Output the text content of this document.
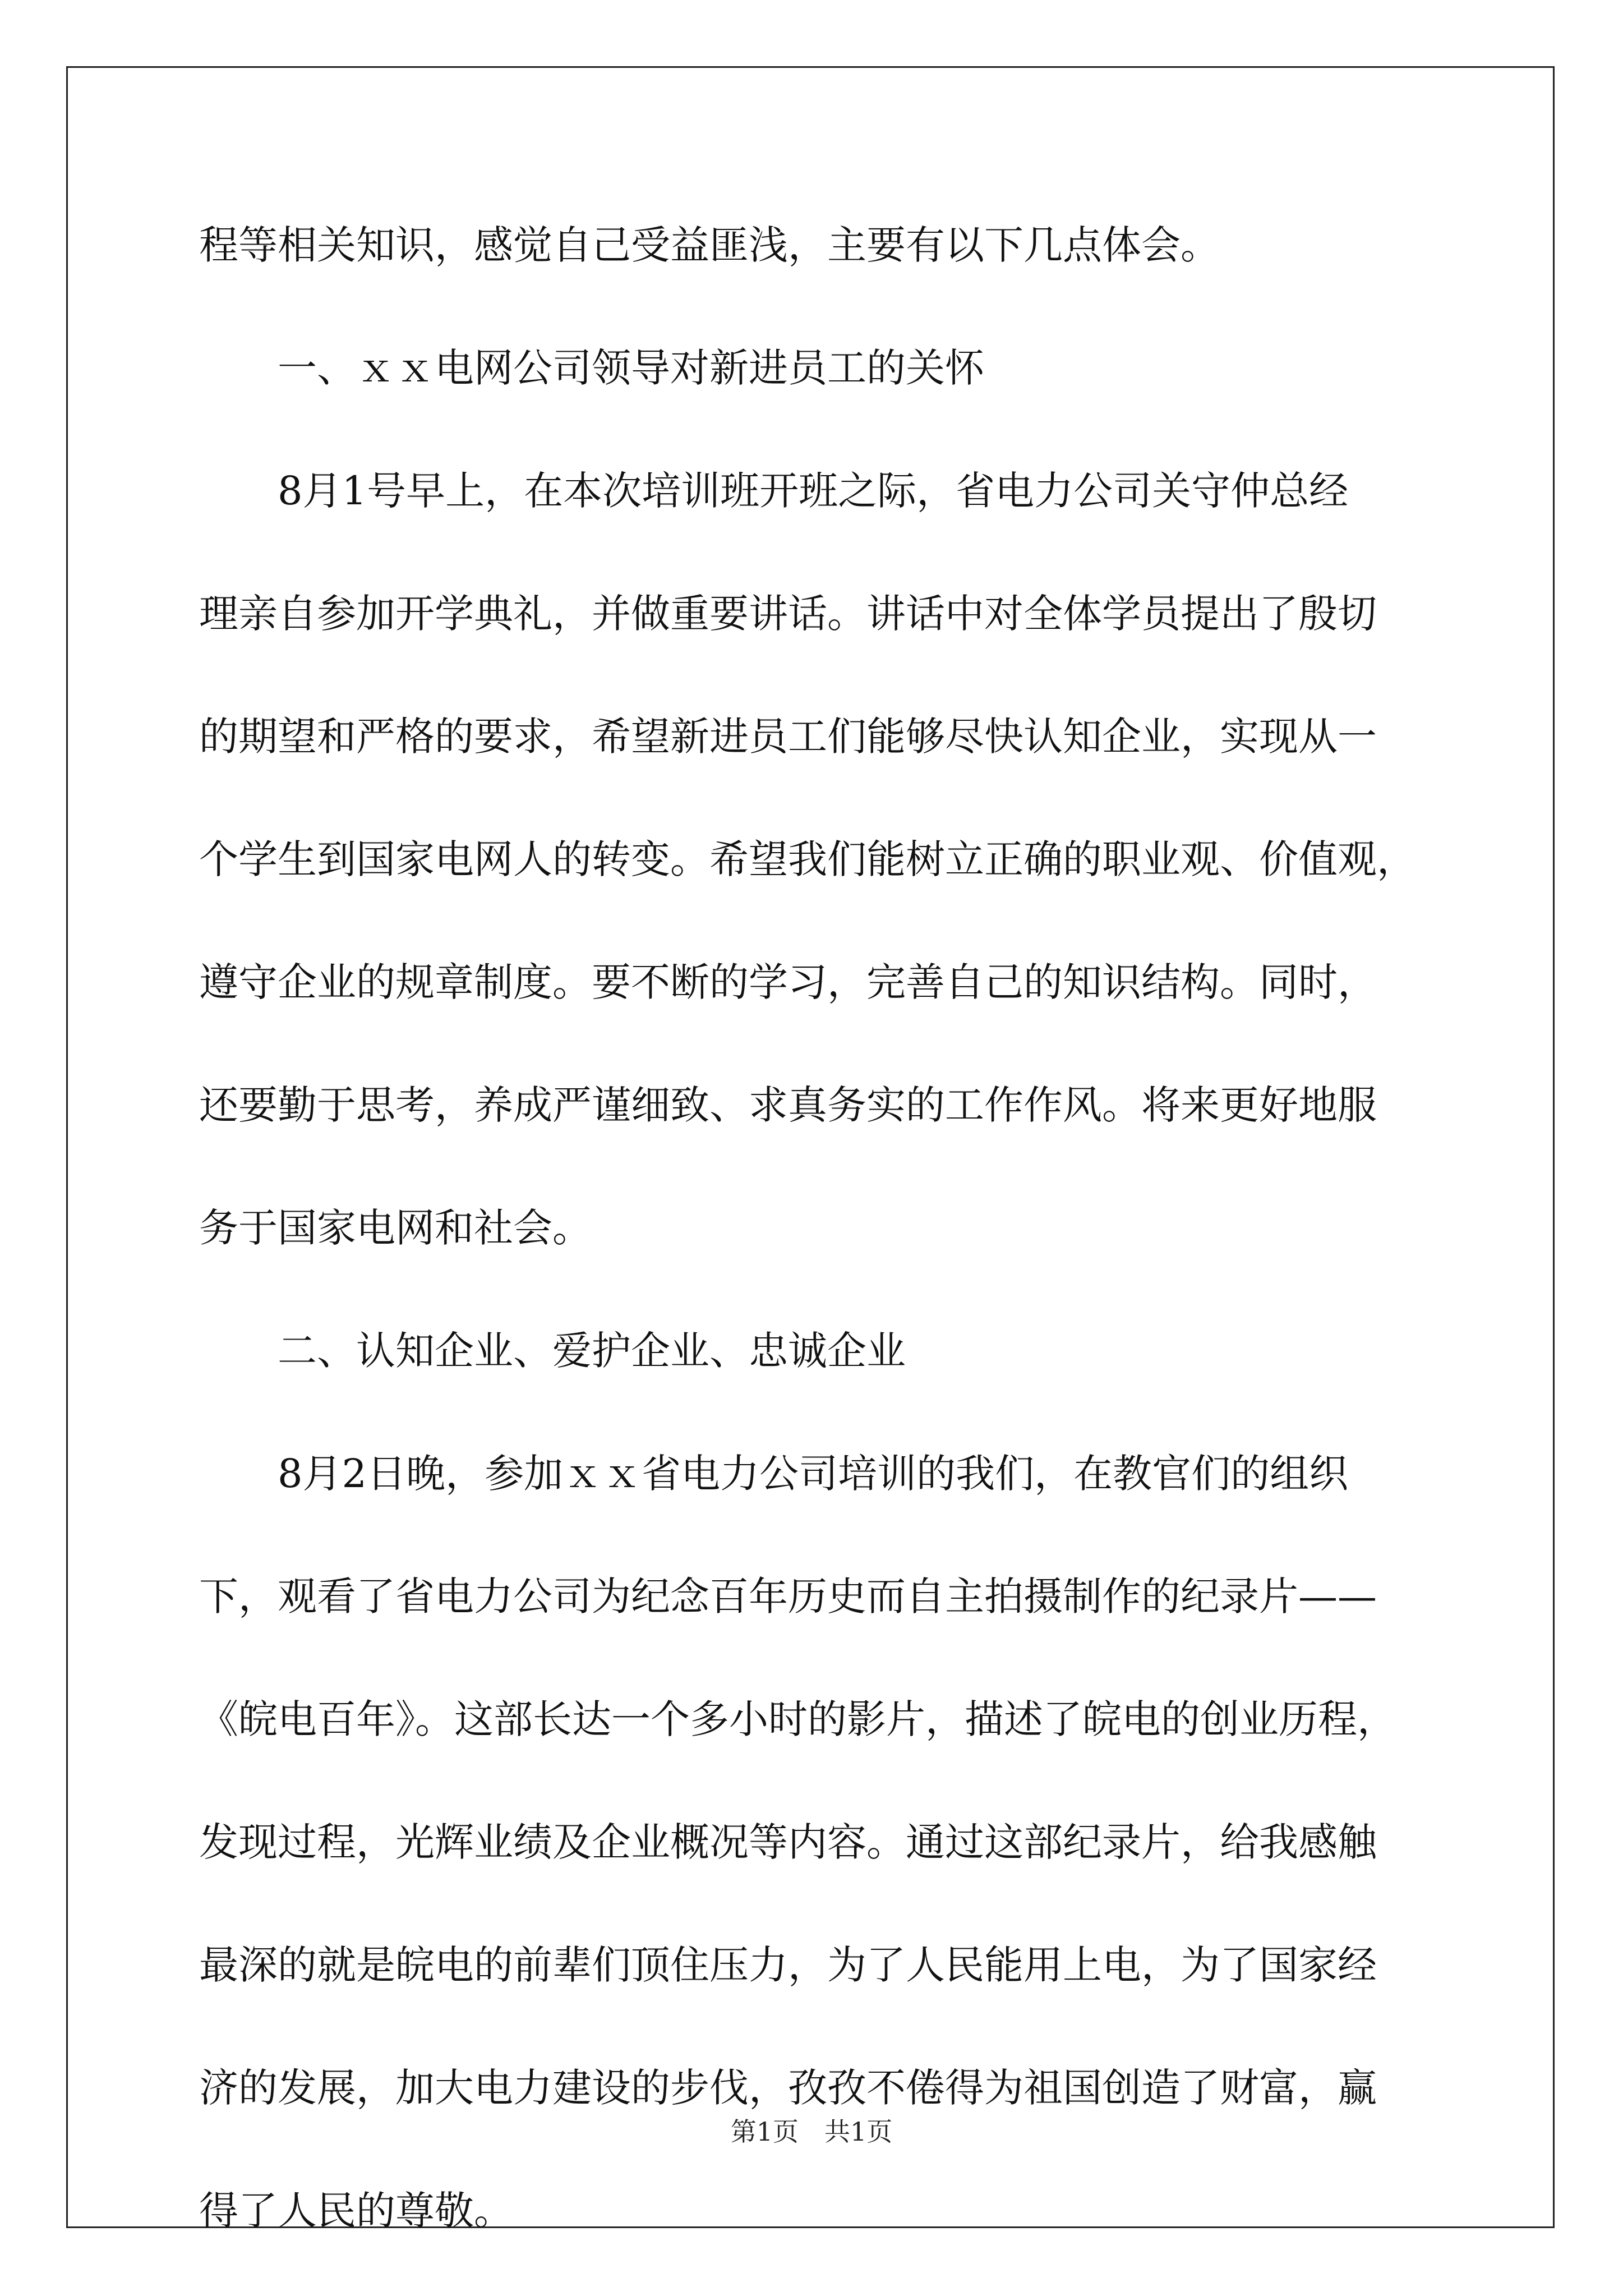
程等相关知识，感觉自己受益匪浅，主要有以下几点体会。
　　一、ｘｘ电网公司领导对新进员工的关怀
　　8月1号早上，在本次培训班开班之际，省电力公司关守仲总经
理亲自参加开学典礼，并做重要讲话。讲话中对全体学员提出了殷切
的期望和严格的要求，希望新进员工们能够尽快认知企业，实现从一
个学生到国家电网人的转变。希望我们能树立正确的职业观、价值观，
遵守企业的规章制度。要不断的学习，完善自己的知识结构。同时，
还要勤于思考，养成严谨细致、求真务实的工作作风。将来更好地服
务于国家电网和社会。
　　二、认知企业、爱护企业、忠诚企业
　　8月2日晚，参加ｘｘ省电力公司培训的我们，在教官们的组织
下，观看了省电力公司为纪念百年历史而自主拍摄制作的纪录片——
《皖电百年》。这部长达一个多小时的影片，描述了皖电的创业历程，
发现过程，光辉业绩及企业概况等内容。通过这部纪录片，给我感触
最深的就是皖电的前辈们顶住压力，为了人民能用上电，为了国家经
济的发展，加大电力建设的步伐，孜孜不倦得为祖国创造了财富，赢
得了人民的尊敬。
第1页　共1页
